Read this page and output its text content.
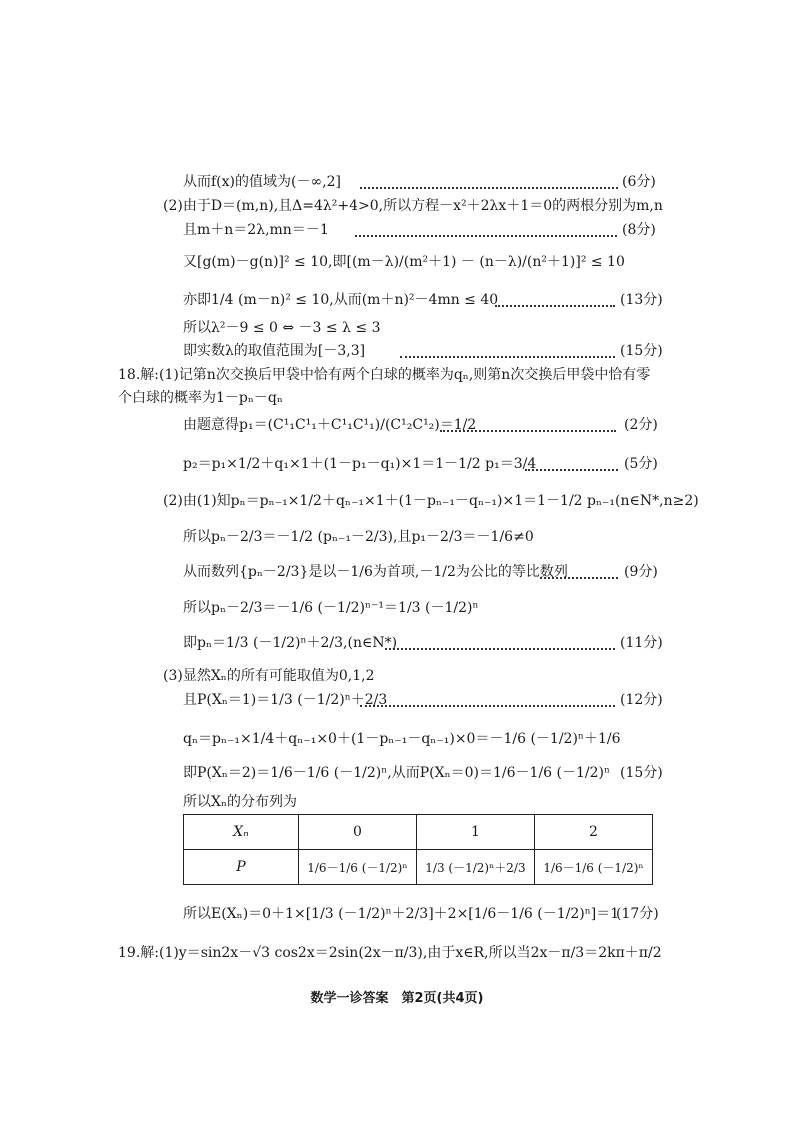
从而f(x)的值域为(－∞,2]	(6分)
(2)由于D＝(m,n),且Δ=4λ²+4>0,所以方程－x²＋2λx＋1＝0的两根分别为m,n
且m＋n＝2λ,mn＝－1	(8分)
又[g(m)－g(n)]² ≤ 10,即[(m－λ)/(m²＋1) － (n－λ)/(n²＋1)]² ≤ 10
亦即1/4 (m－n)² ≤ 10,从而(m＋n)²－4mn ≤ 40	(13分)
所以λ²－9 ≤ 0 ⇔ －3 ≤ λ ≤ 3
即实数λ的取值范围为[－3,3]	(15分)
18.解:(1)记第n次交换后甲袋中恰有两个白球的概率为qₙ,则第n次交换后甲袋中恰有零
个白球的概率为1－pₙ－qₙ
由题意得p₁＝(C¹₁C¹₁＋C¹₁C¹₁)/(C¹₂C¹₂)＝1/2	(2分)
p₂＝p₁×1/2＋q₁×1＋(1－p₁－q₁)×1＝1－1/2 p₁＝3/4	(5分)
(2)由(1)知pₙ＝pₙ₋₁×1/2＋qₙ₋₁×1＋(1－pₙ₋₁－qₙ₋₁)×1＝1－1/2 pₙ₋₁(n∈N*,n≥2)
所以pₙ－2/3＝－1/2 (pₙ₋₁－2/3),且p₁－2/3＝－1/6≠0
从而数列{pₙ－2/3}是以－1/6为首项,－1/2为公比的等比数列	(9分)
所以pₙ－2/3＝－1/6 (－1/2)ⁿ⁻¹＝1/3 (－1/2)ⁿ
即pₙ＝1/3 (－1/2)ⁿ＋2/3,(n∈N*)	(11分)
(3)显然Xₙ的所有可能取值为0,1,2
且P(Xₙ＝1)＝1/3 (－1/2)ⁿ＋2/3	(12分)
qₙ＝pₙ₋₁×1/4＋qₙ₋₁×0＋(1－pₙ₋₁－qₙ₋₁)×0＝－1/6 (－1/2)ⁿ＋1/6
即P(Xₙ＝2)＝1/6－1/6 (－1/2)ⁿ,从而P(Xₙ＝0)＝1/6－1/6 (－1/2)ⁿ (15分)
所以Xₙ的分布列为
Xₙ	0	1	2
P	1/6－1/6 (－1/2)ⁿ	1/3 (－1/2)ⁿ＋2/3	1/6－1/6 (－1/2)ⁿ
所以E(Xₙ)＝0＋1×[1/3 (－1/2)ⁿ＋2/3]＋2×[1/6－1/6 (－1/2)ⁿ]＝1
(17分)
19.解:(1)y＝sin2x－√3 cos2x＝2sin(2x－π/3),由于x∈R,所以当2x－π/3＝2kπ＋π/2
数学一诊答案　第2页(共4页)
